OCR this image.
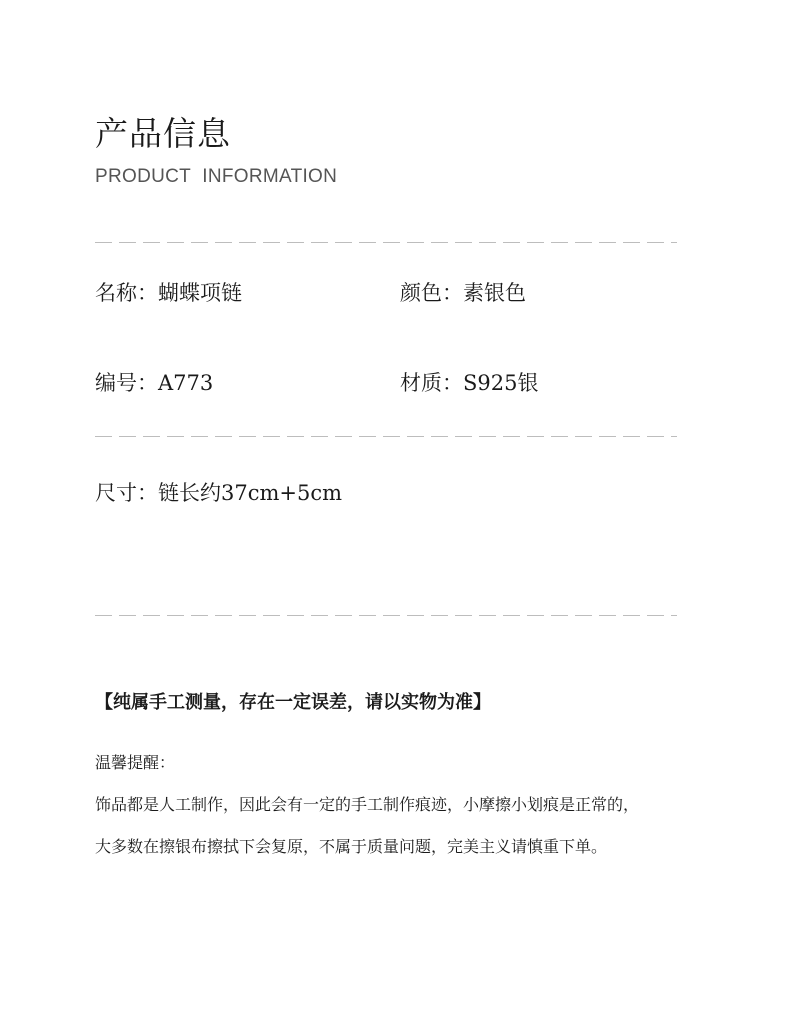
产品信息
PRODUCT INFORMATION
名称：蝴蝶项链	颜色：素银色
编号：A773	材质：S925银
尺寸：链长约37cm+5cm
【纯属手工测量，存在一定误差，请以实物为准】
温馨提醒：
饰品都是人工制作，因此会有一定的手工制作痕迹，小摩擦小划痕是正常的，
大多数在擦银布擦拭下会复原，不属于质量问题，完美主义请慎重下单。
